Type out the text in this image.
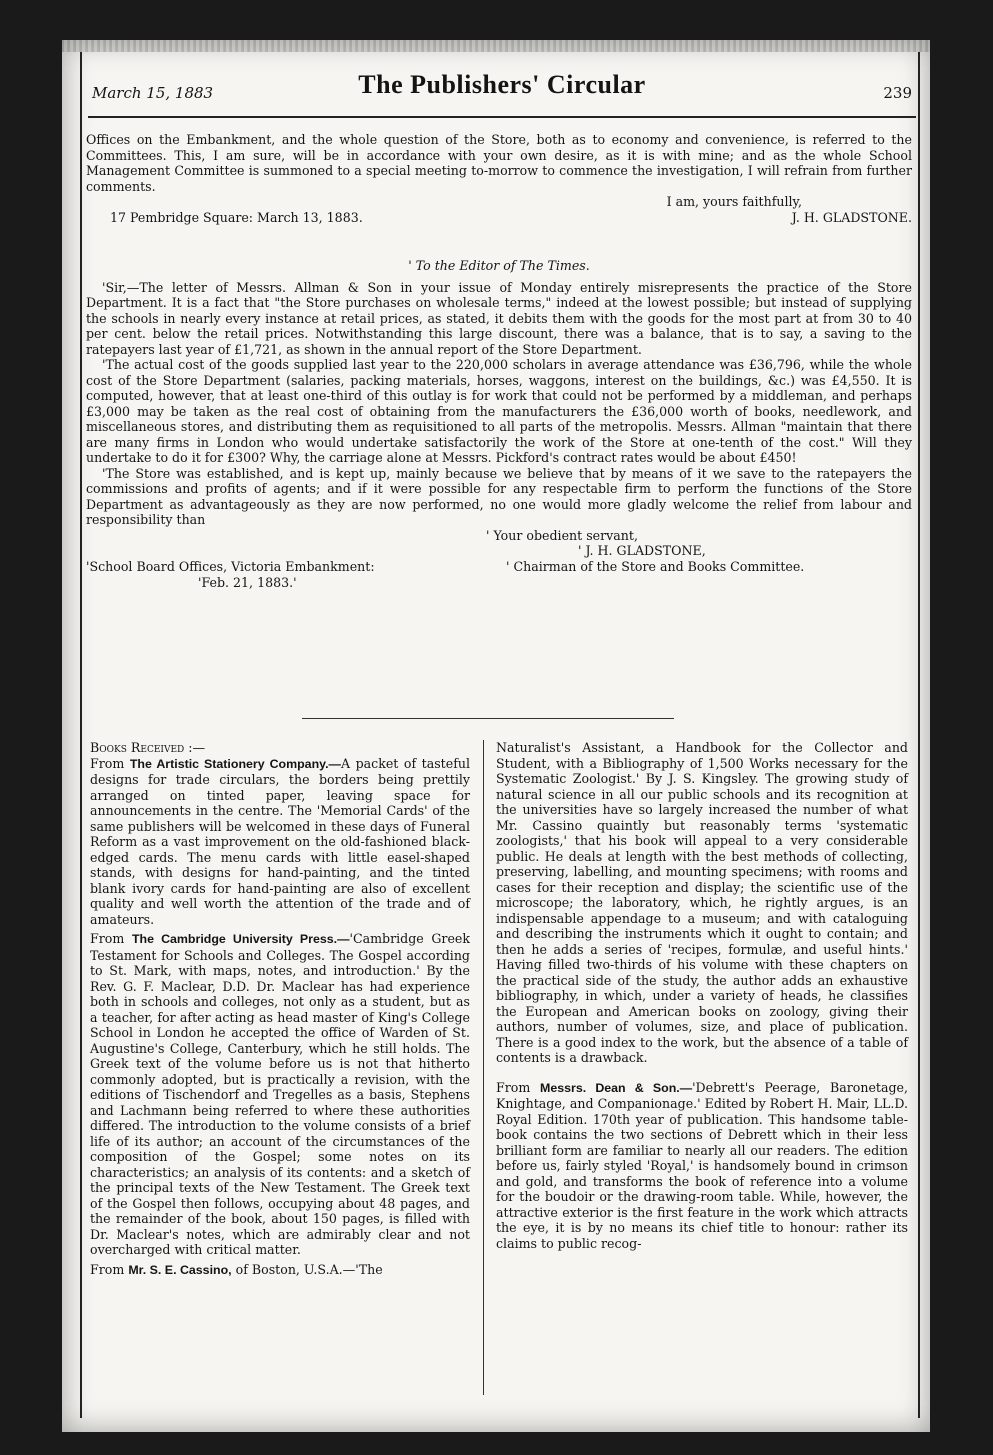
March 15, 1883	The Publishers' Circular	239

Offices on the Embankment, and the whole question of the Store, both as to economy and convenience, is referred to the Committees. This, I am sure, will be in accordance with your own desire, as it is with mine; and as the whole School Management Committee is summoned to a special meeting to-morrow to commence the investigation, I will refrain from further comments.

I am, yours faithfully,

17 Pembridge Square: March 13, 1883.	J. H. GLADSTONE.

' To the Editor of The Times.

'Sir,—The letter of Messrs. Allman & Son in your issue of Monday entirely misrepresents the practice of the Store Department. It is a fact that "the Store purchases on wholesale terms," indeed at the lowest possible; but instead of supplying the schools in nearly every instance at retail prices, as stated, it debits them with the goods for the most part at from 30 to 40 per cent. below the retail prices. Notwithstanding this large discount, there was a balance, that is to say, a saving to the ratepayers last year of £1,721, as shown in the annual report of the Store Department.

'The actual cost of the goods supplied last year to the 220,000 scholars in average attendance was £36,796, while the whole cost of the Store Department (salaries, packing materials, horses, waggons, interest on the buildings, &c.) was £4,550. It is computed, however, that at least one-third of this outlay is for work that could not be performed by a middleman, and perhaps £3,000 may be taken as the real cost of obtaining from the manufacturers the £36,000 worth of books, needlework, and miscellaneous stores, and distributing them as requisitioned to all parts of the metropolis. Messrs. Allman "maintain that there are many firms in London who would undertake satisfactorily the work of the Store at one-tenth of the cost." Will they undertake to do it for £300? Why, the carriage alone at Messrs. Pickford's contract rates would be about £450!

'The Store was established, and is kept up, mainly because we believe that by means of it we save to the ratepayers the commissions and profits of agents; and if it were possible for any respectable firm to perform the functions of the Store Department as advantageously as they are now performed, no one would more gladly welcome the relief from labour and responsibility than

' Your obedient servant,

' J. H. GLADSTONE,

'School Board Offices, Victoria Embankment:	' Chairman of the Store and Books Committee.

'Feb. 21, 1883.'

Books Received :—

From The Artistic Stationery Company.—A packet of tasteful designs for trade circulars, the borders being prettily arranged on tinted paper, leaving space for announcements in the centre. The 'Memorial Cards' of the same publishers will be welcomed in these days of Funeral Reform as a vast improvement on the old-fashioned black-edged cards. The menu cards with little easel-shaped stands, with designs for hand-painting, and the tinted blank ivory cards for hand-painting are also of excellent quality and well worth the attention of the trade and of amateurs.

From The Cambridge University Press.—'Cambridge Greek Testament for Schools and Colleges. The Gospel according to St. Mark, with maps, notes, and introduction.' By the Rev. G. F. Maclear, D.D. Dr. Maclear has had experience both in schools and colleges, not only as a student, but as a teacher, for after acting as head master of King's College School in London he accepted the office of Warden of St. Augustine's College, Canterbury, which he still holds. The Greek text of the volume before us is not that hitherto commonly adopted, but is practically a revision, with the editions of Tischendorf and Tregelles as a basis, Stephens and Lachmann being referred to where these authorities differed. The introduction to the volume consists of a brief life of its author; an account of the circumstances of the composition of the Gospel; some notes on its characteristics; an analysis of its contents: and a sketch of the principal texts of the New Testament. The Greek text of the Gospel then follows, occupying about 48 pages, and the remainder of the book, about 150 pages, is filled with Dr. Maclear's notes, which are admirably clear and not overcharged with critical matter.

From Mr. S. E. Cassino, of Boston, U.S.A.—'The

Naturalist's Assistant, a Handbook for the Collector and Student, with a Bibliography of 1,500 Works necessary for the Systematic Zoologist.' By J. S. Kingsley. The growing study of natural science in all our public schools and its recognition at the universities have so largely increased the number of what Mr. Cassino quaintly but reasonably terms 'systematic zoologists,' that his book will appeal to a very considerable public. He deals at length with the best methods of collecting, preserving, labelling, and mounting specimens; with rooms and cases for their reception and display; the scientific use of the microscope; the laboratory, which, he rightly argues, is an indispensable appendage to a museum; and with cataloguing and describing the instruments which it ought to contain; and then he adds a series of 'recipes, formulæ, and useful hints.' Having filled two-thirds of his volume with these chapters on the practical side of the study, the author adds an exhaustive bibliography, in which, under a variety of heads, he classifies the European and American books on zoology, giving their authors, number of volumes, size, and place of publication. There is a good index to the work, but the absence of a table of contents is a drawback.

From Messrs. Dean & Son.—'Debrett's Peerage, Baronetage, Knightage, and Companionage.' Edited by Robert H. Mair, LL.D. Royal Edition. 170th year of publication. This handsome table-book contains the two sections of Debrett which in their less brilliant form are familiar to nearly all our readers. The edition before us, fairly styled 'Royal,' is handsomely bound in crimson and gold, and transforms the book of reference into a volume for the boudoir or the drawing-room table. While, however, the attractive exterior is the first feature in the work which attracts the eye, it is by no means its chief title to honour: rather its claims to public recog-
